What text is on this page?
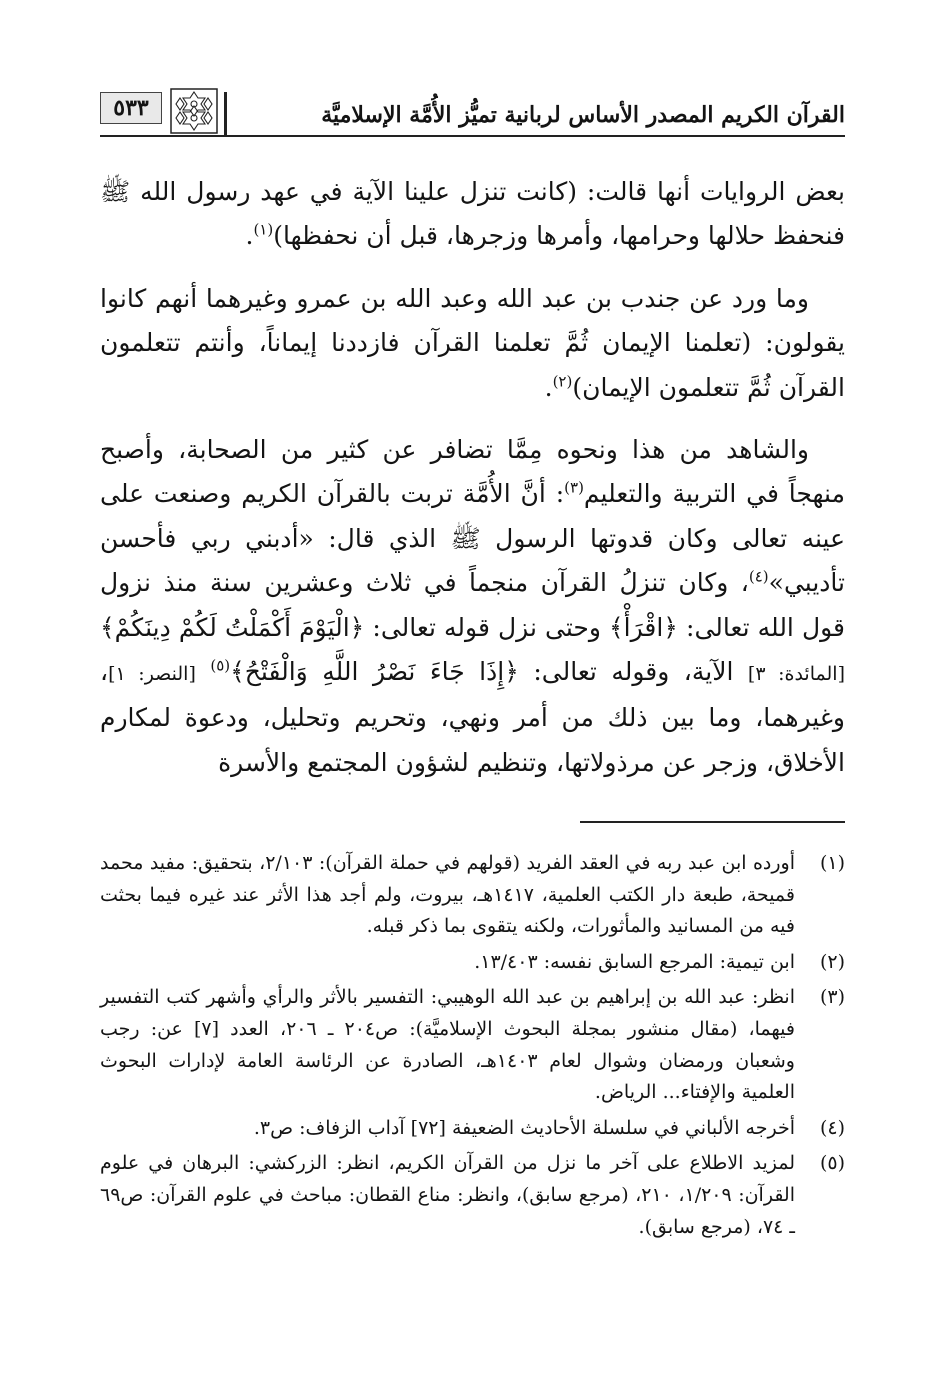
القرآن الكريم المصدر الأساس لربانية تميُّز الأُمَّة الإسلاميَّة
٥٣٣

بعض الروايات أنها قالت: (كانت تنزل علينا الآية في عهد رسول الله ﷺ فنحفظ حلالها وحرامها، وأمرها وزجرها، قبل أن نحفظها)$^{(١)}$.

وما ورد عن جندب بن عبد الله وعبد الله بن عمرو وغيرهما أنهم كانوا يقولون: (تعلمنا الإيمان ثُمَّ تعلمنا القرآن فازددنا إيماناً، وأنتم تتعلمون القرآن ثُمَّ تتعلمون الإيمان)$^{(٢)}$.

والشاهد من هذا ونحوه مِمَّا تضافر عن كثير من الصحابة، وأصبح منهجاً في التربية والتعليم$^{(٣)}$: أنَّ الأُمَّة تربت بالقرآن الكريم وصنعت على عينه تعالى وكان قدوتها الرسول ﷺ الذي قال: «أدبني ربي فأحسن تأديبي»$^{(٤)}$، وكان تنزلُ القرآن منجماً في ثلاث وعشرين سنة منذ نزول قول الله تعالى: ﴿اقْرَأْ﴾ وحتى نزل قوله تعالى: ﴿الْيَوْمَ أَكْمَلْتُ لَكُمْ دِينَكُمْ﴾ [المائدة: ٣] الآية، وقوله تعالى: ﴿إِذَا جَاءَ نَصْرُ اللَّهِ وَالْفَتْحُ﴾$^{(٥)}$ [النصر: ١]، وغيرهما، وما بين ذلك من أمر ونهي، وتحريم وتحليل، ودعوة لمكارم الأخلاق، وزجر عن مرذولاتها، وتنظيم لشؤون المجتمع والأسرة

(١)
أورده ابن عبد ربه في العقد الفريد (قولهم في حملة القرآن): ٢/١٠٣، بتحقيق: مفيد محمد قميحة، طبعة دار الكتب العلمية، ١٤١٧هـ، بيروت، ولم أجد هذا الأثر عند غيره فيما بحثت فيه من المسانيد والمأثورات، ولكنه يتقوى بما ذكر قبله.
(٢)
ابن تيمية: المرجع السابق نفسه: ١٣/٤٠٣.
(٣)
انظر: عبد الله بن إبراهيم بن عبد الله الوهيبي: التفسير بالأثر والرأي وأشهر كتب التفسير فيهما، (مقال منشور بمجلة البحوث الإسلاميَّة): ص٢٠٤ ـ ٢٠٦، العدد [٧] عن: رجب وشعبان ورمضان وشوال لعام ١٤٠٣هـ، الصادرة عن الرئاسة العامة لإدارات البحوث العلمية والإفتاء... الرياض.
(٤)
أخرجه الألباني في سلسلة الأحاديث الضعيفة [٧٢] آداب الزفاف: ص٣.
(٥)
لمزيد الاطلاع على آخر ما نزل من القرآن الكريم، انظر: الزركشي: البرهان في علوم القرآن: ١/٢٠٩، ٢١٠، (مرجع سابق)، وانظر: مناع القطان: مباحث في علوم القرآن: ص٦٩ ـ ٧٤، (مرجع سابق).
